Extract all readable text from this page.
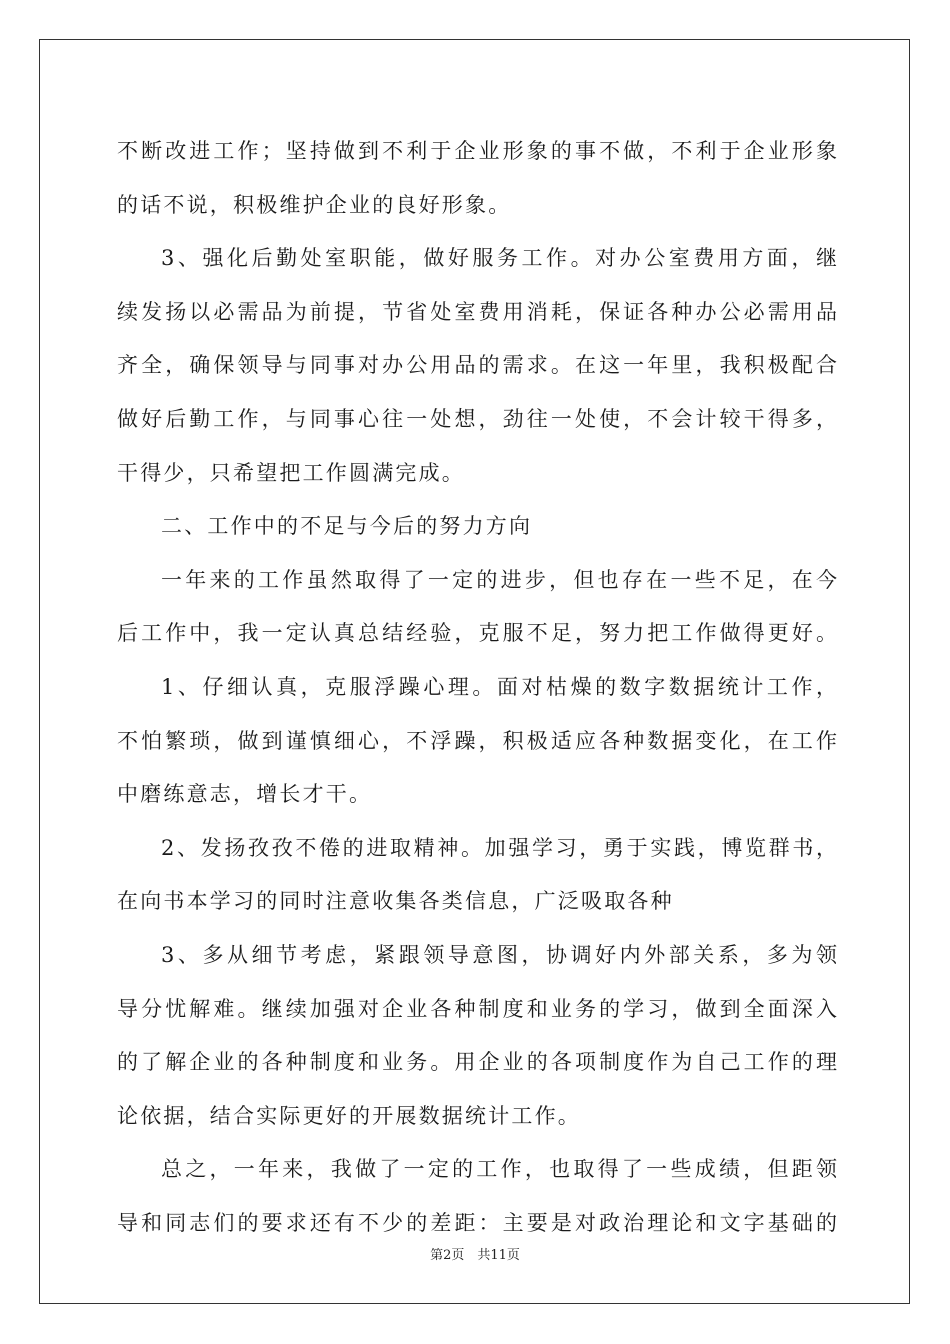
不断改进工作；坚持做到不利于企业形象的事不做，不利于企业形象
的话不说，积极维护企业的良好形象。
3、强化后勤处室职能，做好服务工作。对办公室费用方面，继
续发扬以必需品为前提，节省处室费用消耗，保证各种办公必需用品
齐全，确保领导与同事对办公用品的需求。在这一年里，我积极配合
做好后勤工作，与同事心往一处想，劲往一处使，不会计较干得多，
干得少，只希望把工作圆满完成。
二、工作中的不足与今后的努力方向
一年来的工作虽然取得了一定的进步，但也存在一些不足，在今
后工作中，我一定认真总结经验，克服不足，努力把工作做得更好。
1、仔细认真，克服浮躁心理。面对枯燥的数字数据统计工作，
不怕繁琐，做到谨慎细心，不浮躁，积极适应各种数据变化，在工作
中磨练意志，增长才干。
2、发扬孜孜不倦的进取精神。加强学习，勇于实践，博览群书，
在向书本学习的同时注意收集各类信息，广泛吸取各种
3、多从细节考虑，紧跟领导意图，协调好内外部关系，多为领
导分忧解难。继续加强对企业各种制度和业务的学习，做到全面深入
的了解企业的各种制度和业务。用企业的各项制度作为自己工作的理
论依据，结合实际更好的开展数据统计工作。
总之，一年来，我做了一定的工作，也取得了一些成绩，但距领
导和同志们的要求还有不少的差距：主要是对政治理论和文字基础的
第2页　共11页
